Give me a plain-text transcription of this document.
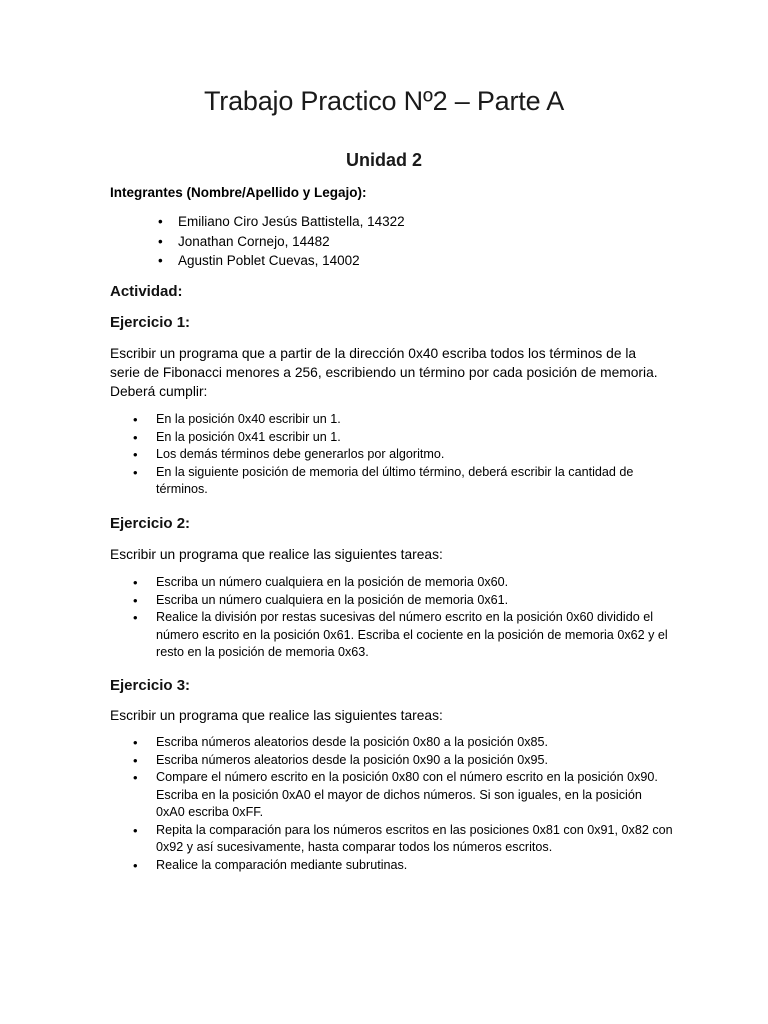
Trabajo Practico Nº2 – Parte A
Unidad 2

Integrantes (Nombre/Apellido y Legajo):

• Emiliano Ciro Jesús Battistella, 14322
• Jonathan Cornejo, 14482
• Agustin Poblet Cuevas, 14002
Actividad:
Ejercicio 1:

Escribir un programa que a partir de la dirección 0x40 escriba todos los términos de la serie de Fibonacci menores a 256, escribiendo un término por cada posición de memoria. Deberá cumplir:

• En la posición 0x40 escribir un 1.
• En la posición 0x41 escribir un 1.
• Los demás términos debe generarlos por algoritmo.
• En la siguiente posición de memoria del último término, deberá escribir la cantidad de términos.
Ejercicio 2:

Escribir un programa que realice las siguientes tareas:

• Escriba un número cualquiera en la posición de memoria 0x60.
• Escriba un número cualquiera en la posición de memoria 0x61.
• Realice la división por restas sucesivas del número escrito en la posición 0x60 dividido el número escrito en la posición 0x61. Escriba el cociente en la posición de memoria 0x62 y el resto en la posición de memoria 0x63.
Ejercicio 3:

Escribir un programa que realice las siguientes tareas:

• Escriba números aleatorios desde la posición 0x80 a la posición 0x85.
• Escriba números aleatorios desde la posición 0x90 a la posición 0x95.
• Compare el número escrito en la posición 0x80 con el número escrito en la posición 0x90. Escriba en la posición 0xA0 el mayor de dichos números. Si son iguales, en la posición 0xA0 escriba 0xFF.
• Repita la comparación para los números escritos en las posiciones 0x81 con 0x91, 0x82 con 0x92 y así sucesivamente, hasta comparar todos los números escritos.
• Realice la comparación mediante subrutinas.
